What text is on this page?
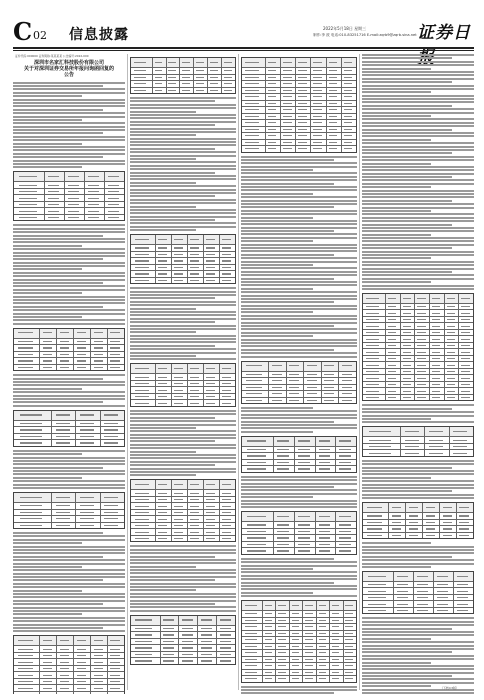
C 02 信息披露	2022年5月18日 星期三
制作:李 波 电话:010-83251716 E-mail:zqrb9@zqrb.sina.net 证券日
证券代码:000000 证券简称:某某某某 公告编号:2022-000
深圳市名家汇科技股份有限公司
关于对深圳证券交易所年报问询函回复的
公告
（下转C3版）
